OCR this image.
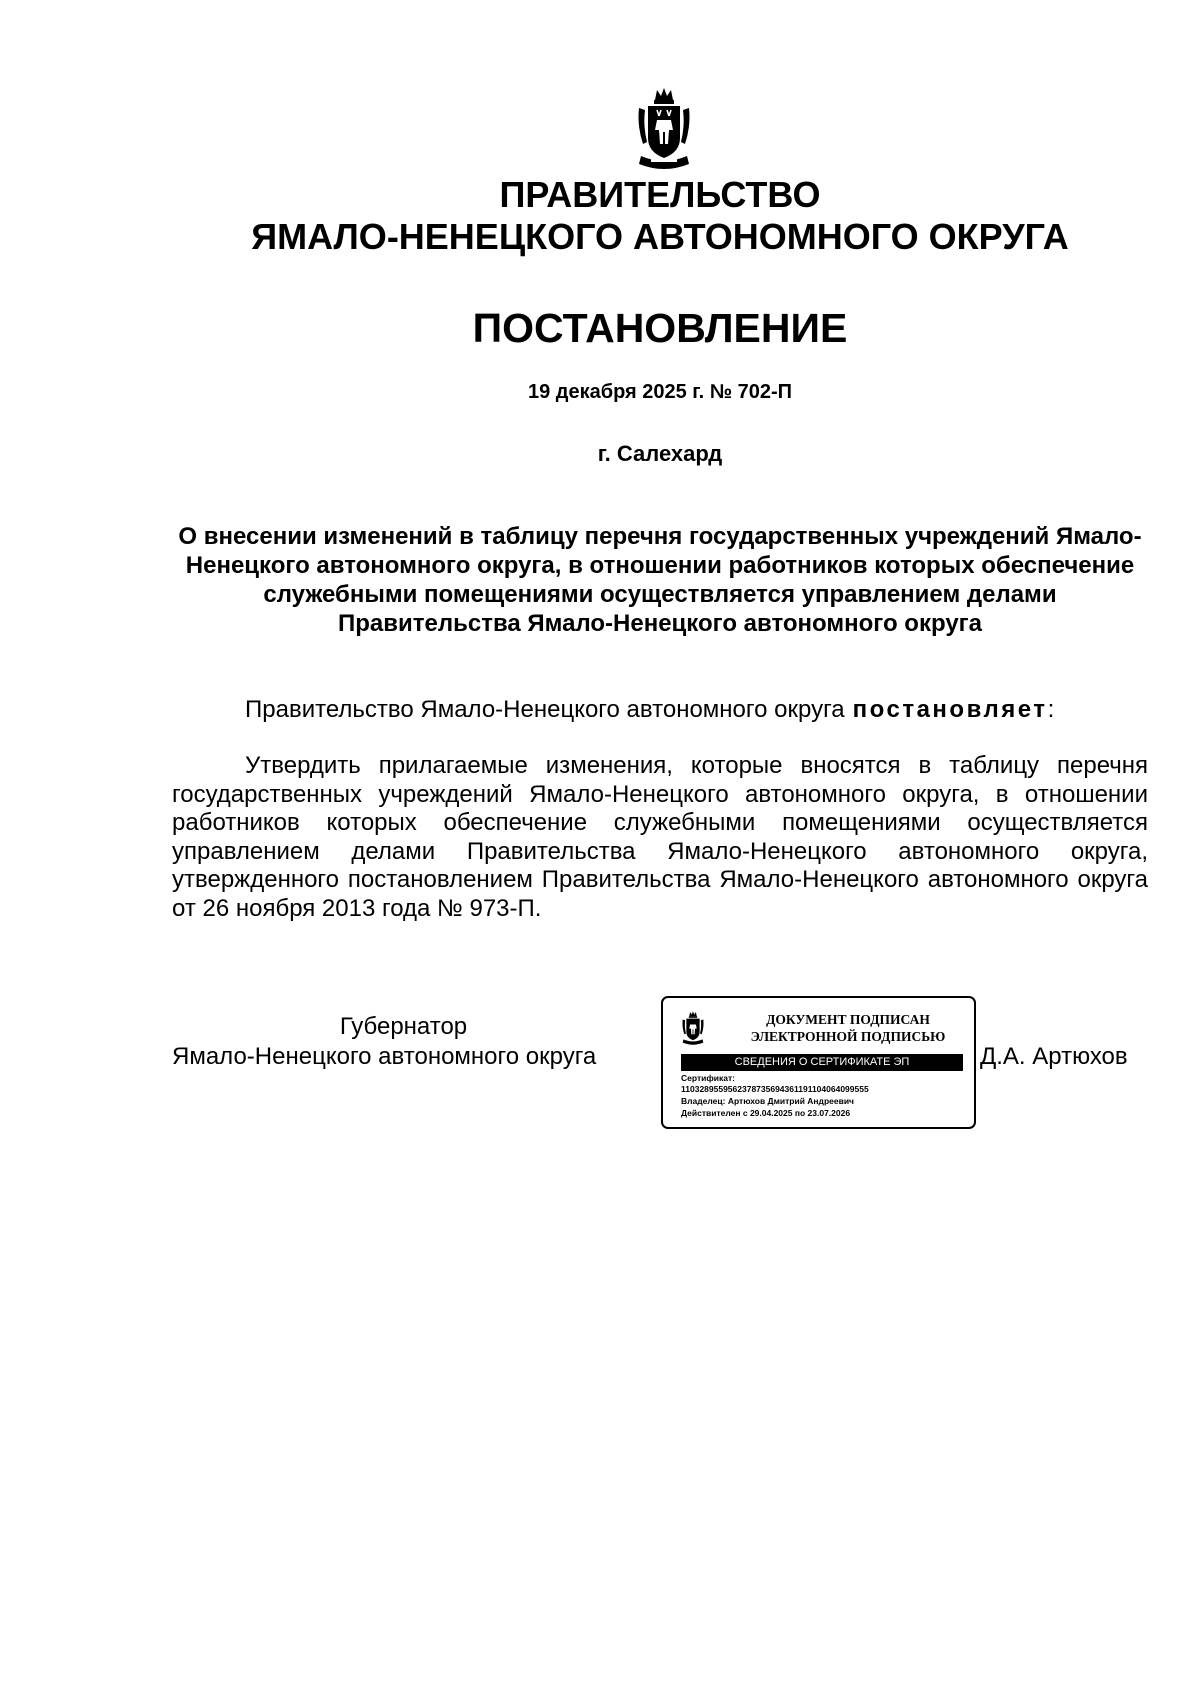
ПРАВИТЕЛЬСТВО
ЯМАЛО-НЕНЕЦКОГО АВТОНОМНОГО ОКРУГА
ПОСТАНОВЛЕНИЕ
19 декабря 2025 г. № 702-П
г. Салехард
О внесении изменений в таблицу перечня государственных учреждений Ямало-Ненецкого автономного округа, в отношении работников которых обеспечение служебными помещениями осуществляется управлением делами Правительства Ямало-Ненецкого автономного округа
Правительство Ямало-Ненецкого автономного округа постановляет:

Утвердить прилагаемые изменения, которые вносятся в таблицу перечня государственных учреждений Ямало-Ненецкого автономного округа, в отношении работников которых обеспечение служебными помещениями осуществляется управлением делами Правительства Ямало-Ненецкого автономного округа, утвержденного постановлением Правительства Ямало-Ненецкого автономного округа от 26 ноября 2013 года № 973-П.

Губернатор
Ямало-Ненецкого автономного округа	Д.А. Артюхов
ДОКУМЕНТ ПОДПИСАН
ЭЛЕКТРОННОЙ ПОДПИСЬЮ
СВЕДЕНИЯ О СЕРТИФИКАТЕ ЭП
Сертификат:
1103289559562378735694361191104064099555
Владелец: Артюхов Дмитрий Андреевич
Действителен с 29.04.2025 по 23.07.2026
